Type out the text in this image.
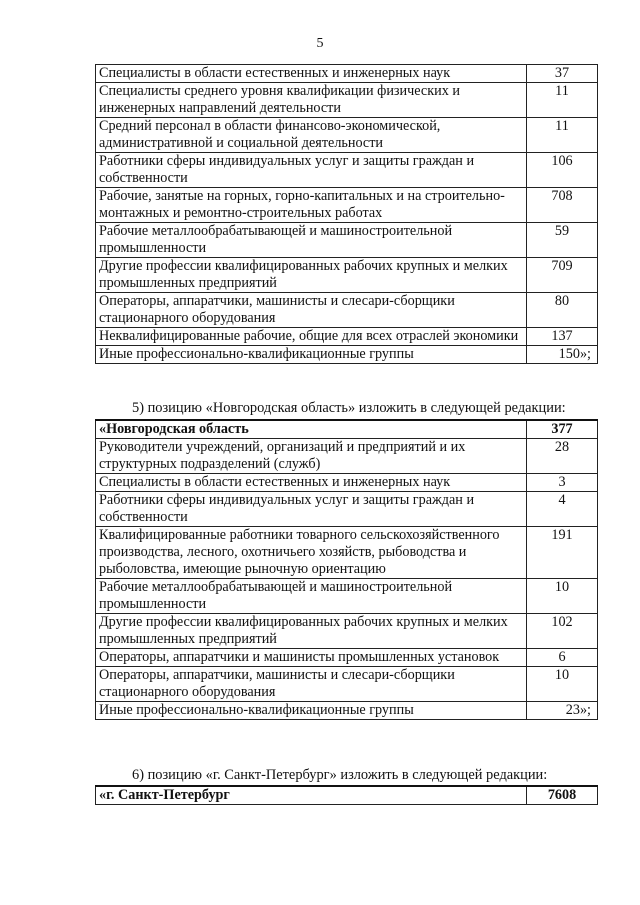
5
Специалисты в области естественных и инженерных наук	37
Специалисты среднего уровня квалификации физических и инженерных направлений деятельности	11
Средний персонал в области финансово-экономической, административной и социальной деятельности	11
Работники сферы индивидуальных услуг и защиты граждан и собственности	106
Рабочие, занятые на горных, горно-капитальных и на строительно-монтажных и ремонтно-строительных работах	708
Рабочие металлообрабатывающей и машиностроительной промышленности	59
Другие профессии квалифицированных рабочих крупных и мелких промышленных предприятий	709
Операторы, аппаратчики, машинисты и слесари-сборщики стационарного оборудования	80
Неквалифицированные рабочие, общие для всех отраслей экономики	137
Иные профессионально-квалификационные группы	150»;
5) позицию «Новгородская область» изложить в следующей редакции:
«Новгородская область	377
Руководители учреждений, организаций и предприятий и их структурных подразделений (служб)	28
Специалисты в области естественных и инженерных наук	3
Работники сферы индивидуальных услуг и защиты граждан и собственности	4
Квалифицированные работники товарного сельскохозяйственного производства, лесного, охотничьего хозяйств, рыбоводства и рыболовства, имеющие рыночную ориентацию	191
Рабочие металлообрабатывающей и машиностроительной промышленности	10
Другие профессии квалифицированных рабочих крупных и мелких промышленных предприятий	102
Операторы, аппаратчики и машинисты промышленных установок	6
Операторы, аппаратчики, машинисты и слесари-сборщики стационарного оборудования	10
Иные профессионально-квалификационные группы	23»;
6) позицию «г. Санкт-Петербург» изложить в следующей редакции:
«г. Санкт-Петербург	7608
